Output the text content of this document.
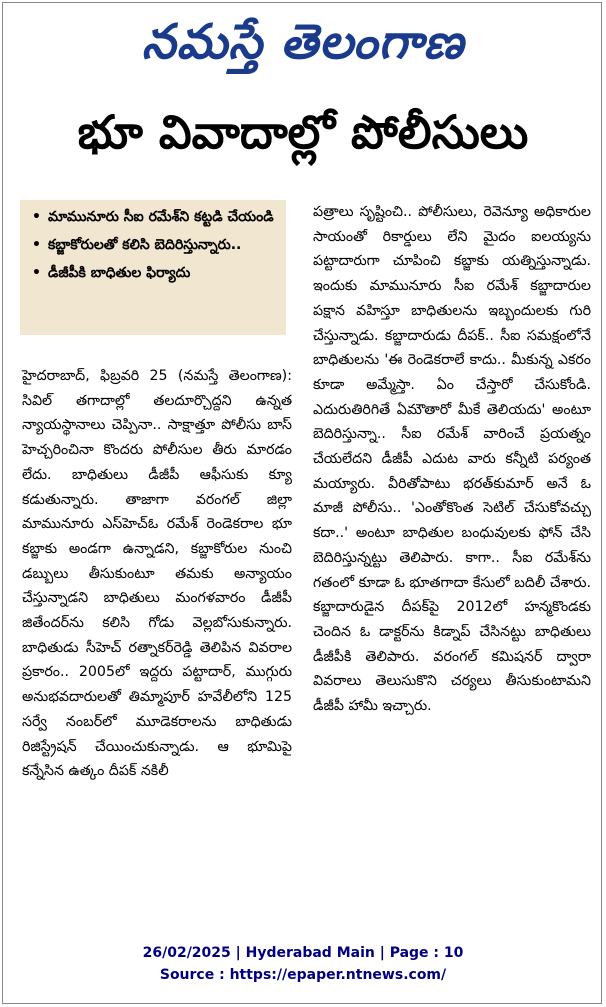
నమస్తే తెలంగాణ
భూ వివాదాల్లో పోలీసులు
• మామునూరు సీఐ రమేశ్‌ని కట్టడి చేయండి
• కబ్జాకోరులతో కలిసి బెదిరిస్తున్నారు..
• డీజీపీకి బాధితుల ఫిర్యాదు

హైదరాబాద్, ఫిబ్రవరి 25 (నమస్తే తెలంగాణ): సివిల్ తగాదాల్లో తలదూర్చొద్దని ఉన్నత న్యాయస్థానాలు చెప్పినా.. సాక్షాత్తూ పోలీసు బాస్ హెచ్చరించినా కొందరు పోలీసుల తీరు మారడం లేదు. బాధితులు డీజీపీ ఆఫీసుకు క్యూ కడుతున్నారు. తాజాగా వరంగల్ జిల్లా మామునూరు ఎస్‌హెచ్‌ఓ రమేశ్ రెండెకరాల భూ కబ్జాకు అండగా ఉన్నాడని, కబ్జాకోరుల నుంచి డబ్బులు తీసుకుంటూ తమకు అన్యాయం చేస్తున్నాడని బాధితులు మంగళవారం డీజీపీ జితేందర్‌ను కలిసి గోడు వెల్లబోసుకున్నారు. బాధితుడు సీహెచ్ రత్నాకర్‌రెడ్డి తెలిపిన వివరాల ప్రకారం.. 2005లో ఇద్దరు పట్టాదార్, ముగ్గురు అనుభవదారులతో తిమ్మాపూర్ హవేలీలోని 125 సర్వే నంబర్‌లో మూడెకరాలను బాధితుడు రిజిస్ట్రేషన్ చేయించుకున్నాడు. ఆ భూమిపై కన్నేసిన ఉత్కం దీపక్ నకిలీ

పత్రాలు సృష్టించి.. పోలీసులు, రెవెన్యూ అధికారుల సాయంతో రికార్డులు లేని మైదం ఐలయ్యను పట్టాదారుగా చూపించి కబ్జాకు యత్నిస్తున్నాడు. ఇందుకు మామునూరు సీఐ రమేశ్ కబ్జాదారుల పక్షాన వహిస్తూ బాధితులను ఇబ్బందులకు గురి చేస్తున్నాడు. కబ్జాదారుడు దీపక్.. సీఐ సమక్షంలోనే బాధితులను 'ఈ రెండెకరాలే కాదు.. మీకున్న ఎకరం కూడా అమ్మేస్తా. ఏం చేస్తారో చేసుకోండి. ఎదురుతిరిగితే ఏమౌతారో మీకే తెలియదు' అంటూ బెదిరిస్తున్నా.. సీఐ రమేశ్ వారించే ప్రయత్నం చేయలేదని డీజీపీ ఎదుట వారు కన్నీటి పర్యంత మయ్యారు. వీరితోపాటు భరత్‌కుమార్ అనే ఓ మాజీ పోలీసు.. 'ఎంతోకొంత సెటిల్ చేసుకోవచ్చు కదా..' అంటూ బాధితుల బంధువులకు ఫోన్ చేసి బెదిరిస్తున్నట్టు తెలిపారు. కాగా.. సీఐ రమేశ్‌ను గతంలో కూడా ఓ భూతగాదా కేసులో బదిలీ చేశారు. కబ్జాదారుడైన దీపక్‌పై 2012లో హన్మకొండకు చెందిన ఓ డాక్టర్‌ను కిడ్నాప్ చేసినట్టు బాధితులు డీజీపీకి తెలిపారు. వరంగల్ కమిషనర్ ద్వారా వివరాలు తెలుసుకొని చర్యలు తీసుకుంటామని డీజీపీ హామీ ఇచ్చారు.

26/02/2025 | Hyderabad Main | Page : 10
Source : https://epaper.ntnews.com/
